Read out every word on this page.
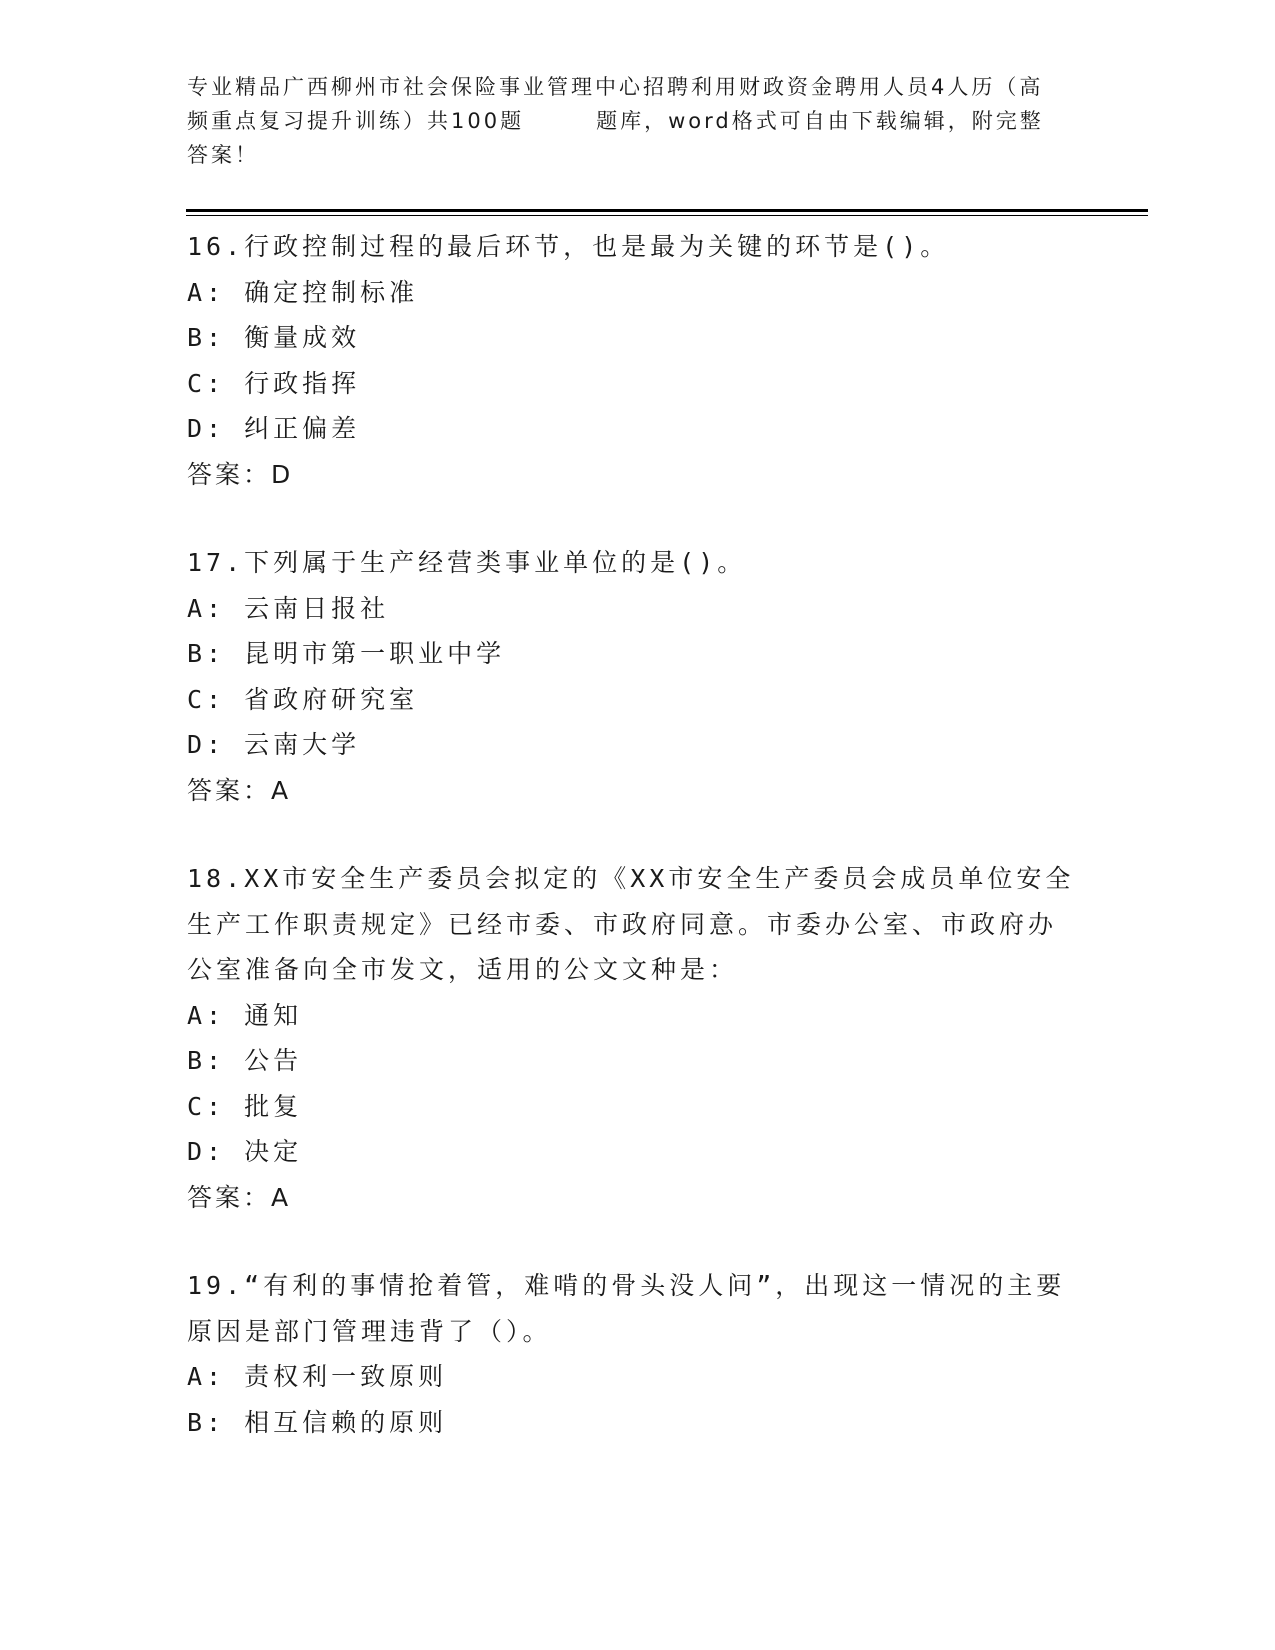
专业精品广西柳州市社会保险事业管理中心招聘利用财政资金聘用人员4人历（高
频重点复习提升训练）共100题	题库，word格式可自由下载编辑，附完整
答案！
16.行政控制过程的最后环节，也是最为关键的环节是()。
A: 确定控制标准
B: 衡量成效
C: 行政指挥
D: 纠正偏差
答案：D
17.下列属于生产经营类事业单位的是()。
A: 云南日报社
B: 昆明市第一职业中学
C: 省政府研究室
D: 云南大学
答案：A
18.XX市安全生产委员会拟定的《XX市安全生产委员会成员单位安全
生产工作职责规定》已经市委、市政府同意。市委办公室、市政府办
公室准备向全市发文，适用的公文文种是：
A: 通知
B: 公告
C: 批复
D: 决定
答案：A
19.“有利的事情抢着管，难啃的骨头没人问”，出现这一情况的主要
原因是部门管理违背了（）。
A: 责权利一致原则
B: 相互信赖的原则
